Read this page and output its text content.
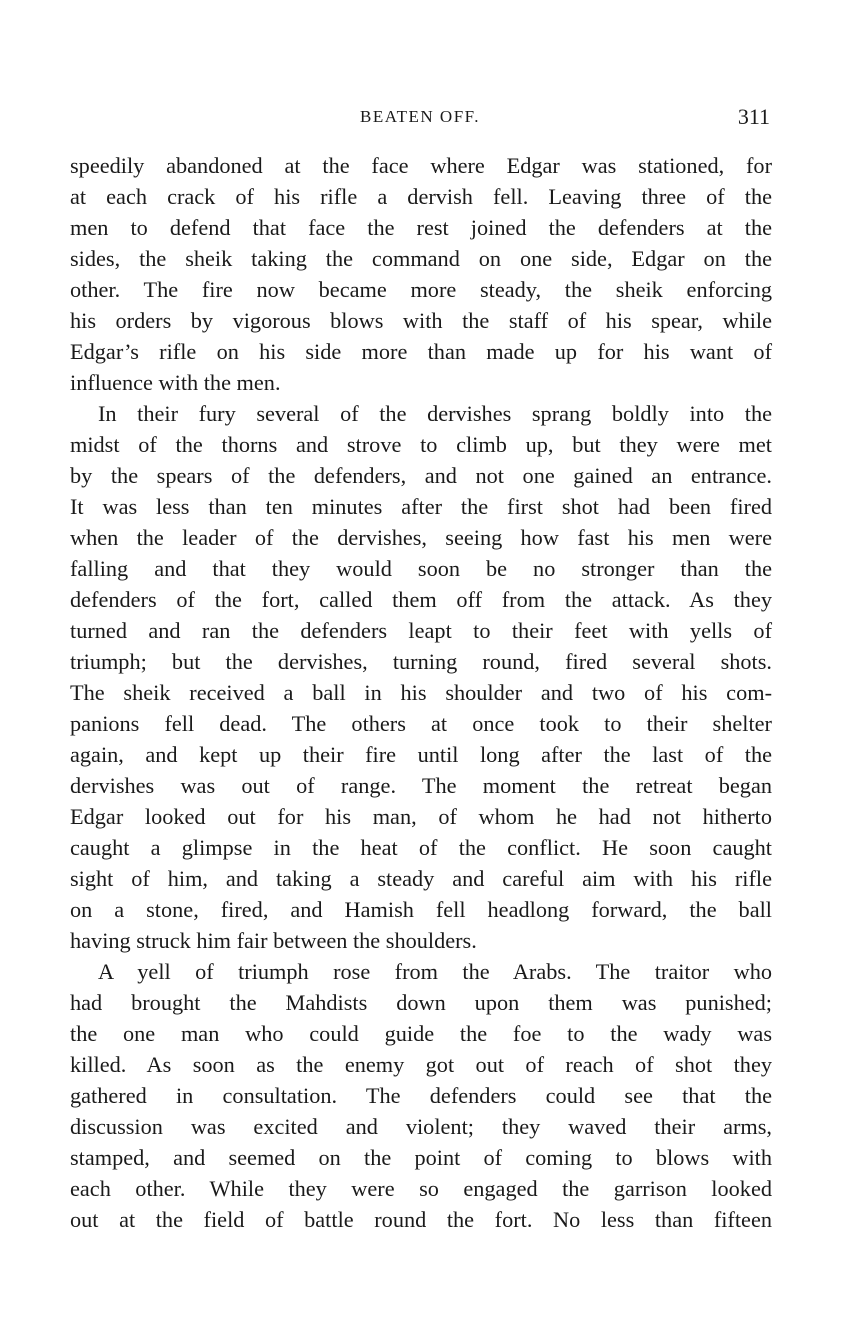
BEATEN OFF.	311
speedily abandoned at the face where Edgar was stationed, for
at each crack of his rifle a dervish fell. Leaving three of the
men to defend that face the rest joined the defenders at the
sides, the sheik taking the command on one side, Edgar on the
other. The fire now became more steady, the sheik enforcing
his orders by vigorous blows with the staff of his spear, while
Edgar’s rifle on his side more than made up for his want of
influence with the men.
In their fury several of the dervishes sprang boldly into the
midst of the thorns and strove to climb up, but they were met
by the spears of the defenders, and not one gained an entrance.
It was less than ten minutes after the first shot had been fired
when the leader of the dervishes, seeing how fast his men were
falling and that they would soon be no stronger than the
defenders of the fort, called them off from the attack. As they
turned and ran the defenders leapt to their feet with yells of
triumph; but the dervishes, turning round, fired several shots.
The sheik received a ball in his shoulder and two of his com-
panions fell dead. The others at once took to their shelter
again, and kept up their fire until long after the last of the
dervishes was out of range. The moment the retreat began
Edgar looked out for his man, of whom he had not hitherto
caught a glimpse in the heat of the conflict. He soon caught
sight of him, and taking a steady and careful aim with his rifle
on a stone, fired, and Hamish fell headlong forward, the ball
having struck him fair between the shoulders.
A yell of triumph rose from the Arabs. The traitor who
had brought the Mahdists down upon them was punished;
the one man who could guide the foe to the wady was
killed. As soon as the enemy got out of reach of shot they
gathered in consultation. The defenders could see that the
discussion was excited and violent; they waved their arms,
stamped, and seemed on the point of coming to blows with
each other. While they were so engaged the garrison looked
out at the field of battle round the fort. No less than fifteen
